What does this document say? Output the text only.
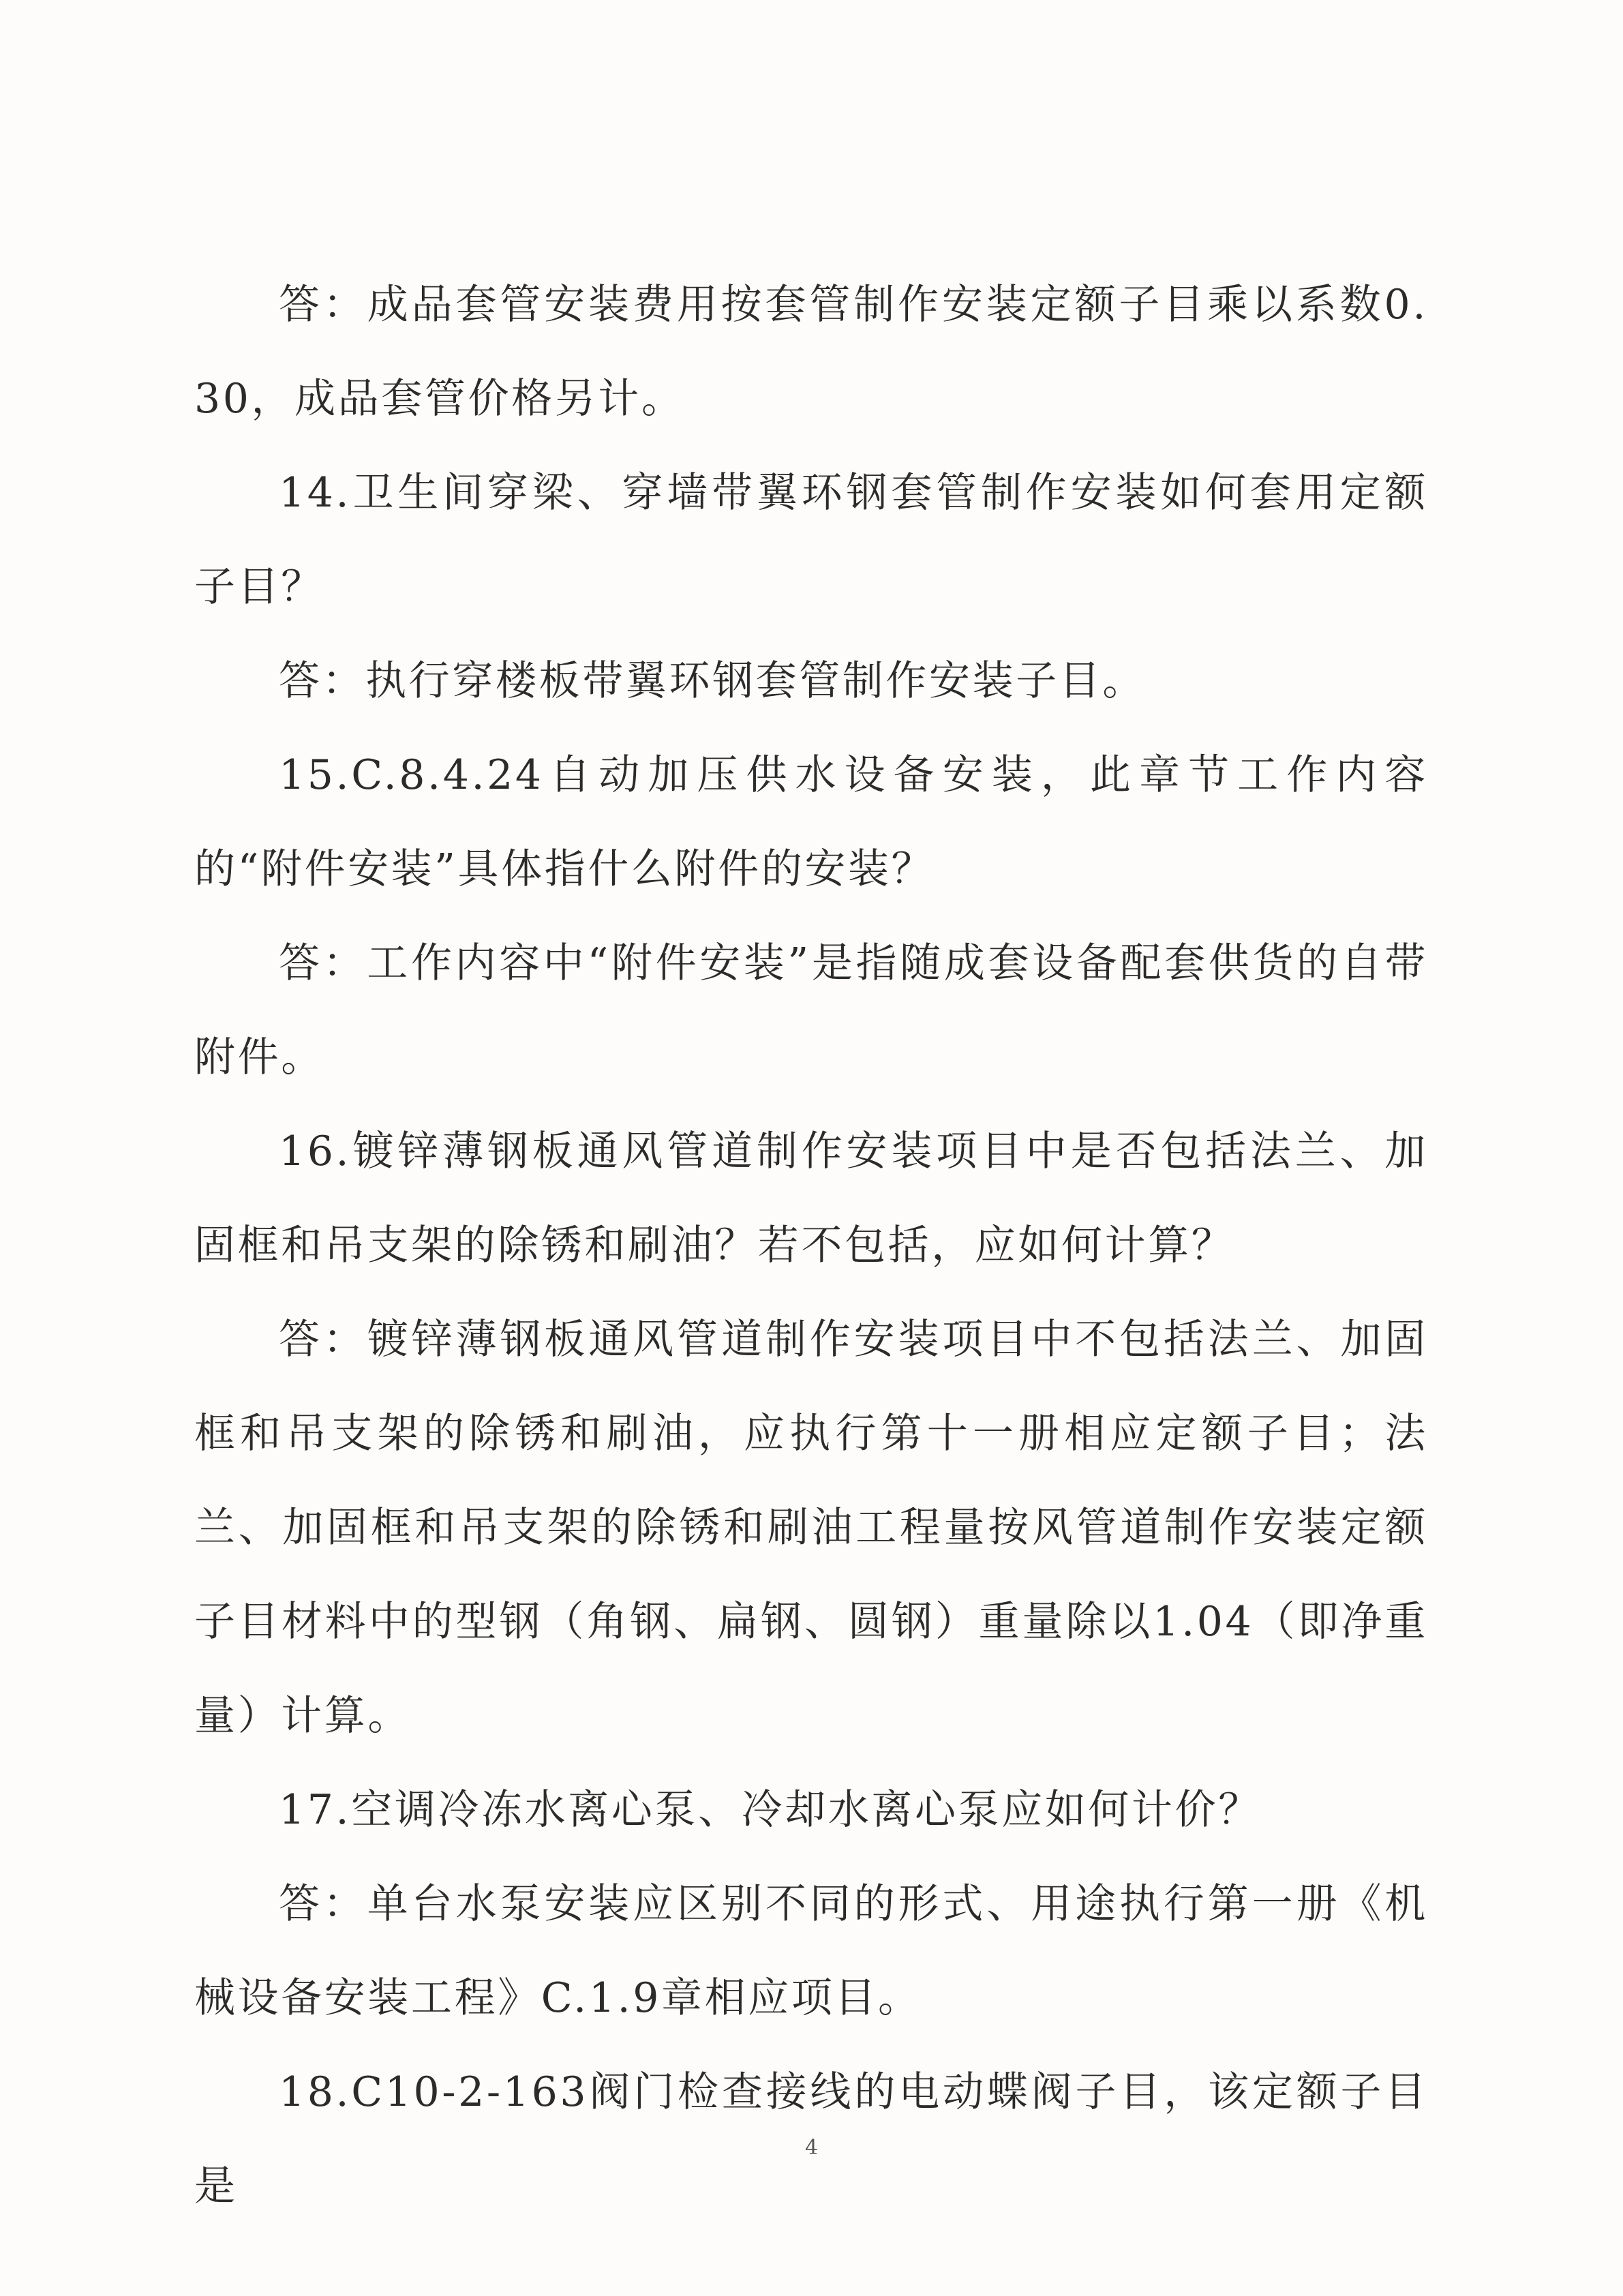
答：成品套管安装费用按套管制作安装定额子目乘以系数0.30，成品套管价格另计。

14.卫生间穿梁、穿墙带翼环钢套管制作安装如何套用定额子目？

答：执行穿楼板带翼环钢套管制作安装子目。

15.C.8.4.24自动加压供水设备安装，此章节工作内容的“附件安装”具体指什么附件的安装？

答：工作内容中“附件安装”是指随成套设备配套供货的自带附件。

16.镀锌薄钢板通风管道制作安装项目中是否包括法兰、加固框和吊支架的除锈和刷油？若不包括，应如何计算？

答：镀锌薄钢板通风管道制作安装项目中不包括法兰、加固框和吊支架的除锈和刷油，应执行第十一册相应定额子目；法兰、加固框和吊支架的除锈和刷油工程量按风管道制作安装定额子目材料中的型钢（角钢、扁钢、圆钢）重量除以1.04（即净重量）计算。

17.空调冷冻水离心泵、冷却水离心泵应如何计价？

答：单台水泵安装应区别不同的形式、用途执行第一册《机械设备安装工程》C.1.9章相应项目。

18.C10-2-163阀门检查接线的电动蝶阀子目，该定额子目是

4
